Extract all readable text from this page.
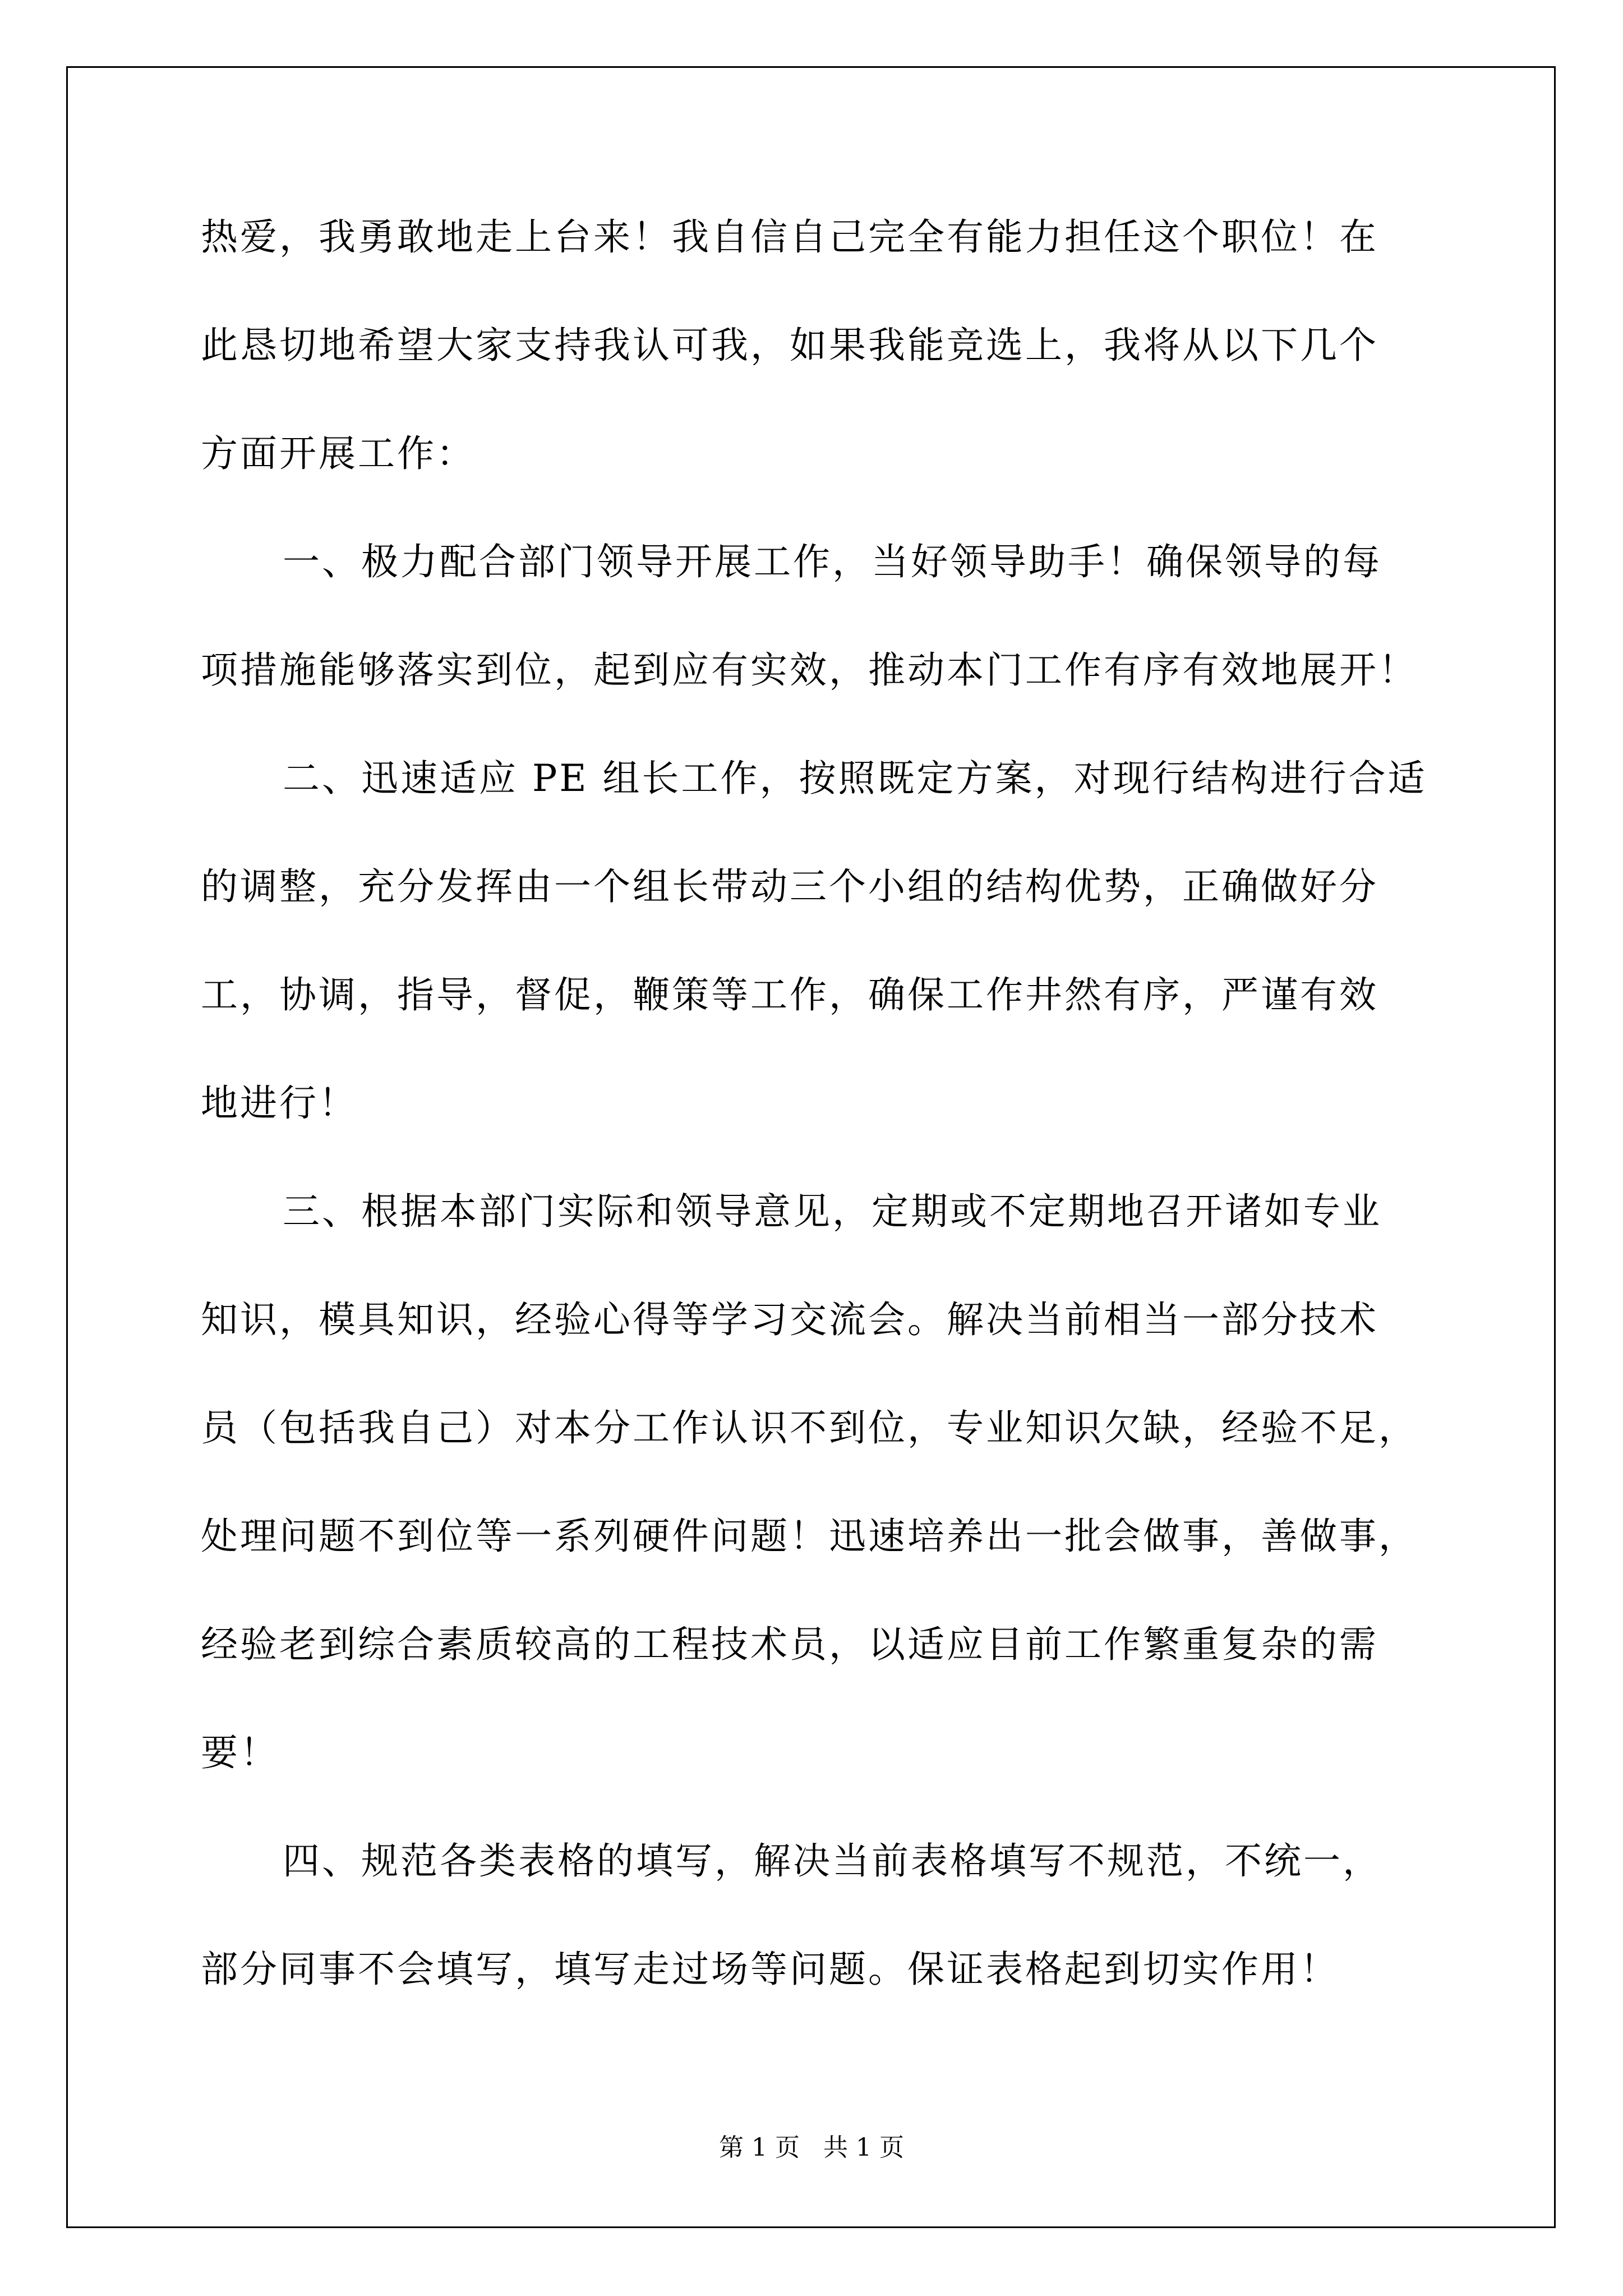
热爱，我勇敢地走上台来！我自信自己完全有能力担任这个职位！在
此恳切地希望大家支持我认可我，如果我能竞选上，我将从以下几个
方面开展工作：
一、极力配合部门领导开展工作，当好领导助手！确保领导的每
项措施能够落实到位，起到应有实效，推动本门工作有序有效地展开！
二、迅速适应 PE 组长工作，按照既定方案，对现行结构进行合适
的调整，充分发挥由一个组长带动三个小组的结构优势，正确做好分
工，协调，指导，督促，鞭策等工作，确保工作井然有序，严谨有效
地进行！
三、根据本部门实际和领导意见，定期或不定期地召开诸如专业
知识，模具知识，经验心得等学习交流会。解决当前相当一部分技术
员（包括我自己）对本分工作认识不到位，专业知识欠缺，经验不足，
处理问题不到位等一系列硬件问题！迅速培养出一批会做事，善做事，
经验老到综合素质较高的工程技术员，以适应目前工作繁重复杂的需
要！
四、规范各类表格的填写，解决当前表格填写不规范，不统一，
部分同事不会填写，填写走过场等问题。保证表格起到切实作用！
第 1 页   共 1 页
